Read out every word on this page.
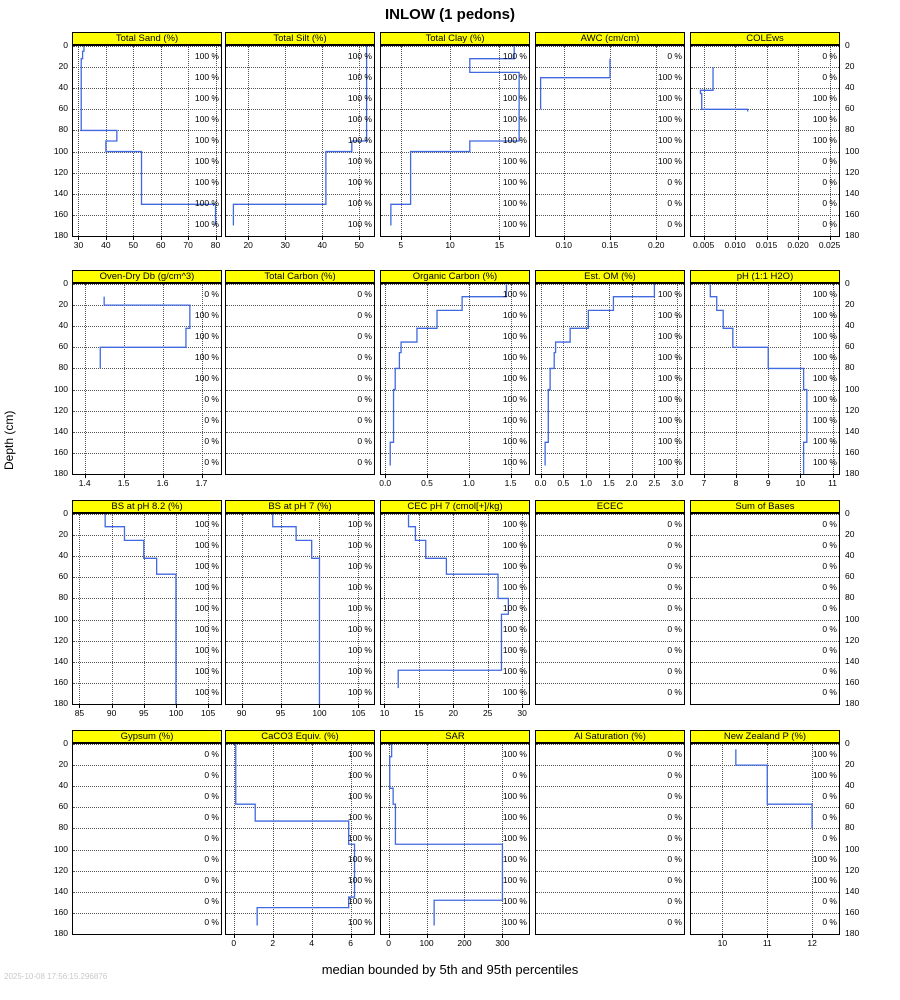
INLOW (1 pedons)
Depth (cm)
median bounded by 5th and 95th percentiles
2025-10-08 17:56:15.296876
Total Sand (%)
100 %
100 %
100 %
100 %
100 %
100 %
100 %
100 %
100 %
30	40	50	60	70	80
Total Silt (%)
100 %
100 %
100 %
100 %
100 %
100 %
100 %
100 %
100 %
20	30	40	50
Total Clay (%)
100 %
100 %
100 %
100 %
100 %
100 %
100 %
100 %
100 %
5	10	15
AWC (cm/cm)
0 %
100 %
100 %
100 %
100 %
100 %
0 %
0 %
0 %
0.10	0.15	0.20
COLEws
0 %
0 %
100 %
100 %
100 %
0 %
0 %
0 %
0 %
0.005	0.010	0.015	0.020	0.025
Oven-Dry Db (g/cm^3)
0 %
100 %
100 %
100 %
100 %
0 %
0 %
0 %
0 %
1.4	1.5	1.6	1.7
Total Carbon (%)
0 %
0 %
0 %
0 %
0 %
0 %
0 %
0 %
0 %
Organic Carbon (%)
100 %
100 %
100 %
100 %
100 %
100 %
100 %
100 %
100 %
0.0	0.5	1.0	1.5
Est. OM (%)
100 %
100 %
100 %
100 %
100 %
100 %
100 %
100 %
100 %
0.0	0.5	1.0	1.5	2.0	2.5	3.0
pH (1:1 H2O)
100 %
100 %
100 %
100 %
100 %
100 %
100 %
100 %
100 %
7	8	9	10	11
BS at pH 8.2 (%)
100 %
100 %
100 %
100 %
100 %
100 %
100 %
100 %
100 %
85	90	95	100	105
BS at pH 7 (%)
100 %
100 %
100 %
100 %
100 %
100 %
100 %
100 %
100 %
90	95	100	105
CEC pH 7 (cmol[+]/kg)
100 %
100 %
100 %
100 %
100 %
100 %
100 %
100 %
100 %
10	15	20	25	30
ECEC
0 %
0 %
0 %
0 %
0 %
0 %
0 %
0 %
0 %
Sum of Bases
0 %
0 %
0 %
0 %
0 %
0 %
0 %
0 %
0 %
Gypsum (%)
0 %
0 %
0 %
0 %
0 %
0 %
0 %
0 %
0 %
CaCO3 Equiv. (%)
100 %
100 %
100 %
100 %
100 %
100 %
100 %
100 %
100 %
0	2	4	6
SAR
100 %
0 %
100 %
100 %
100 %
100 %
100 %
100 %
100 %
0	100	200	300
Al Saturation (%)
0 %
0 %
0 %
0 %
0 %
0 %
0 %
0 %
0 %
New Zealand P (%)
100 %
100 %
0 %
0 %
0 %
100 %
100 %
0 %
0 %
10	11	12
0	0
20	20
40	40
60	60
80	80
100	100
120	120
140	140
160	160
180	180
0	0
20	20
40	40
60	60
80	80
100	100
120	120
140	140
160	160
180	180
0	0
20	20
40	40
60	60
80	80
100	100
120	120
140	140
160	160
180	180
0	0
20	20
40	40
60	60
80	80
100	100
120	120
140	140
160	160
180	180
